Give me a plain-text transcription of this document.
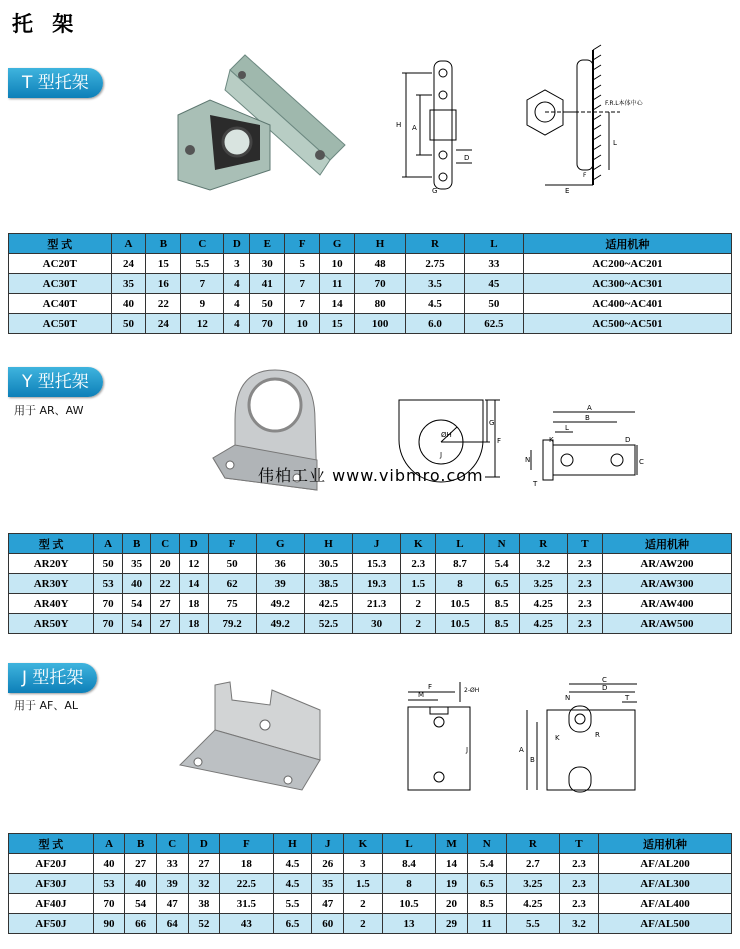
托 架
T 型托架
H A
D
G
F.R.L本体中心
L
E
F
型 式	A	B	C	D	E	F	G	H	R	L	适用机种
AC20T	24	15	5.5	3	30	5	10	48	2.75	33	AC200~AC201
AC30T	35	16	7	4	41	7	11	70	3.5	45	AC300~AC301
AC40T	40	22	9	4	50	7	14	80	4.5	50	AC400~AC401
AC50T	50	24	12	4	70	10	15	100	6.0	62.5	AC500~AC501
Y 型托架
用于 AR、AW
ØH
F
G
J
A
B
L
K
C
D
N
T
伟柏工业 www.vibmro.com
型 式	A	B	C	D	F	G	H	J	K	L	N	R	T	适用机种
AR20Y	50	35	20	12	50	36	30.5	15.3	2.3	8.7	5.4	3.2	2.3	AR/AW200
AR30Y	53	40	22	14	62	39	38.5	19.3	1.5	8	6.5	3.25	2.3	AR/AW300
AR40Y	70	54	27	18	75	49.2	42.5	21.3	2	10.5	8.5	4.25	2.3	AR/AW400
AR50Y	70	54	27	18	79.2	49.2	52.5	30	2	10.5	8.5	4.25	2.3	AR/AW500
J 型托架
用于 AF、AL
F
M
2-ØH
J
C
D
T
A
B
R
K
N
型 式	A	B	C	D	F	H	J	K	L	M	N	R	T	适用机种
AF20J	40	27	33	27	18	4.5	26	3	8.4	14	5.4	2.7	2.3	AF/AL200
AF30J	53	40	39	32	22.5	4.5	35	1.5	8	19	6.5	3.25	2.3	AF/AL300
AF40J	70	54	47	38	31.5	5.5	47	2	10.5	20	8.5	4.25	2.3	AF/AL400
AF50J	90	66	64	52	43	6.5	60	2	13	29	11	5.5	3.2	AF/AL500
